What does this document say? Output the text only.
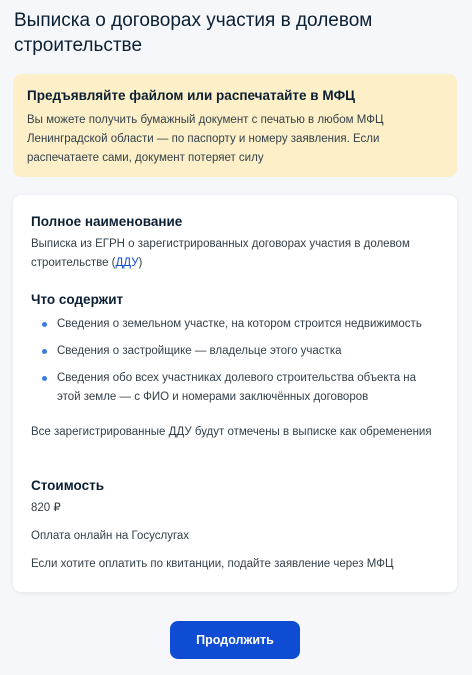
Выписка о договорах участия в долевом строительстве
Предъявляйте файлом или распечатайте в МФЦ
Вы можете получить бумажный документ с печатью в любом МФЦ Ленинградской области — по паспорту и номеру заявления. Если распечатаете сами, документ потеряет силу
Полное наименование
Выписка из ЕГРН о зарегистрированных договорах участия в долевом строительстве (ДДУ)
Что содержит
Сведения о земельном участке, на котором строится недвижимость
Сведения о застройщике — владельце этого участка
Сведения обо всех участниках долевого строительства объекта на этой земле — с ФИО и номерами заключённых договоров
Все зарегистрированные ДДУ будут отмечены в выписке как обременения
Стоимость
820 ₽
Оплата онлайн на Госуслугах
Если хотите оплатить по квитанции, подайте заявление через МФЦ
Продолжить
